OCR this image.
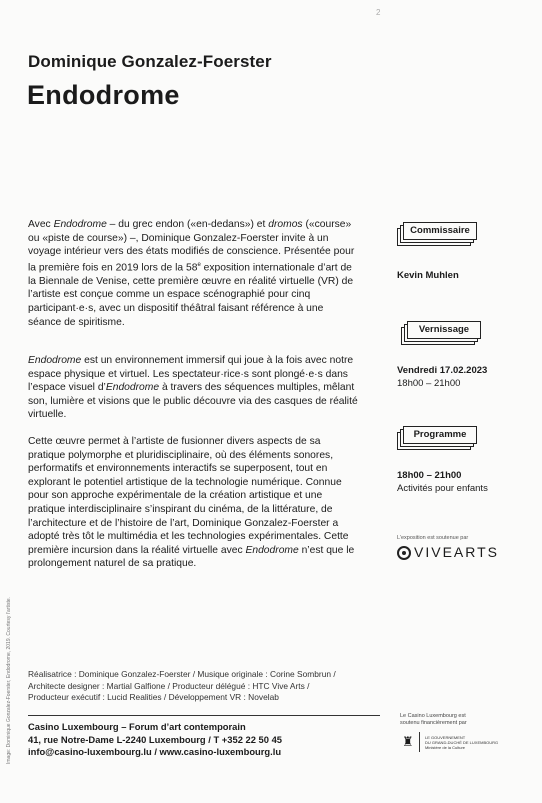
2
Dominique Gonzalez-Foerster
Endodrome

Avec Endodrome – du grec endon («en-dedans») et dromos («course» ou «piste de course») –, Dominique Gonzalez-Foerster invite à un voyage intérieur vers des états modifiés de conscience. Présentée pour la première fois en 2019 lors de la 58e exposition internationale d’art de la Biennale de Venise, cette première œuvre en réalité virtuelle (VR) de l’artiste est conçue comme un espace scénographié pour cinq participant·e·s, avec un dispositif théâtral faisant référence à une séance de spiritisme.

Endodrome est un environnement immersif qui joue à la fois avec notre espace physique et virtuel. Les spectateur·rice·s sont plongé·e·s dans l’espace visuel d’Endodrome à travers des séquences multiples, mêlant son, lumière et visions que le public découvre via des casques de réalité virtuelle.

Cette œuvre permet à l’artiste de fusionner divers aspects de sa pratique polymorphe et pluridisciplinaire, où des éléments sonores, performatifs et environnements interactifs se superposent, tout en explorant le potentiel artistique de la technologie numérique. Connue pour son approche expérimentale de la création artistique et une pratique interdisciplinaire s’inspirant du cinéma, de la littérature, de l’architecture et de l’histoire de l’art, Dominique Gonzalez-Foerster a adopté très tôt le multimédia et les technologies expérimentales. Cette première incursion dans la réalité virtuelle avec Endodrome n’est que le prolongement naturel de sa pratique.

Commissaire
Kevin Muhlen
Vernissage
Vendredi 17.02.2023
18h00 – 21h00
Programme
18h00 – 21h00
Activités pour enfants
L’exposition est soutenue par
VIVEARTS
Image: Dominique Gonzalez-Foerster, Endodrome, 2019. Courtesy l’artiste. Réalisatrice : Dominique Gonzalez-Foerster / Musique originale : Corine Sombrun /
Architecte designer : Martial Galfione / Producteur délégué : HTC Vive Arts /
Producteur exécutif : Lucid Realities / Développement VR : Novelab
Casino Luxembourg – Forum d’art contemporain
41, rue Notre-Dame L-2240 Luxembourg / T +352 22 50 45
info@casino-luxembourg.lu / www.casino-luxembourg.lu
Le Casino Luxembourg est
soutenu financièrement par
♜	LE GOUVERNEMENT
DU GRAND-DUCHÉ DE LUXEMBOURG
Ministère de la Culture
